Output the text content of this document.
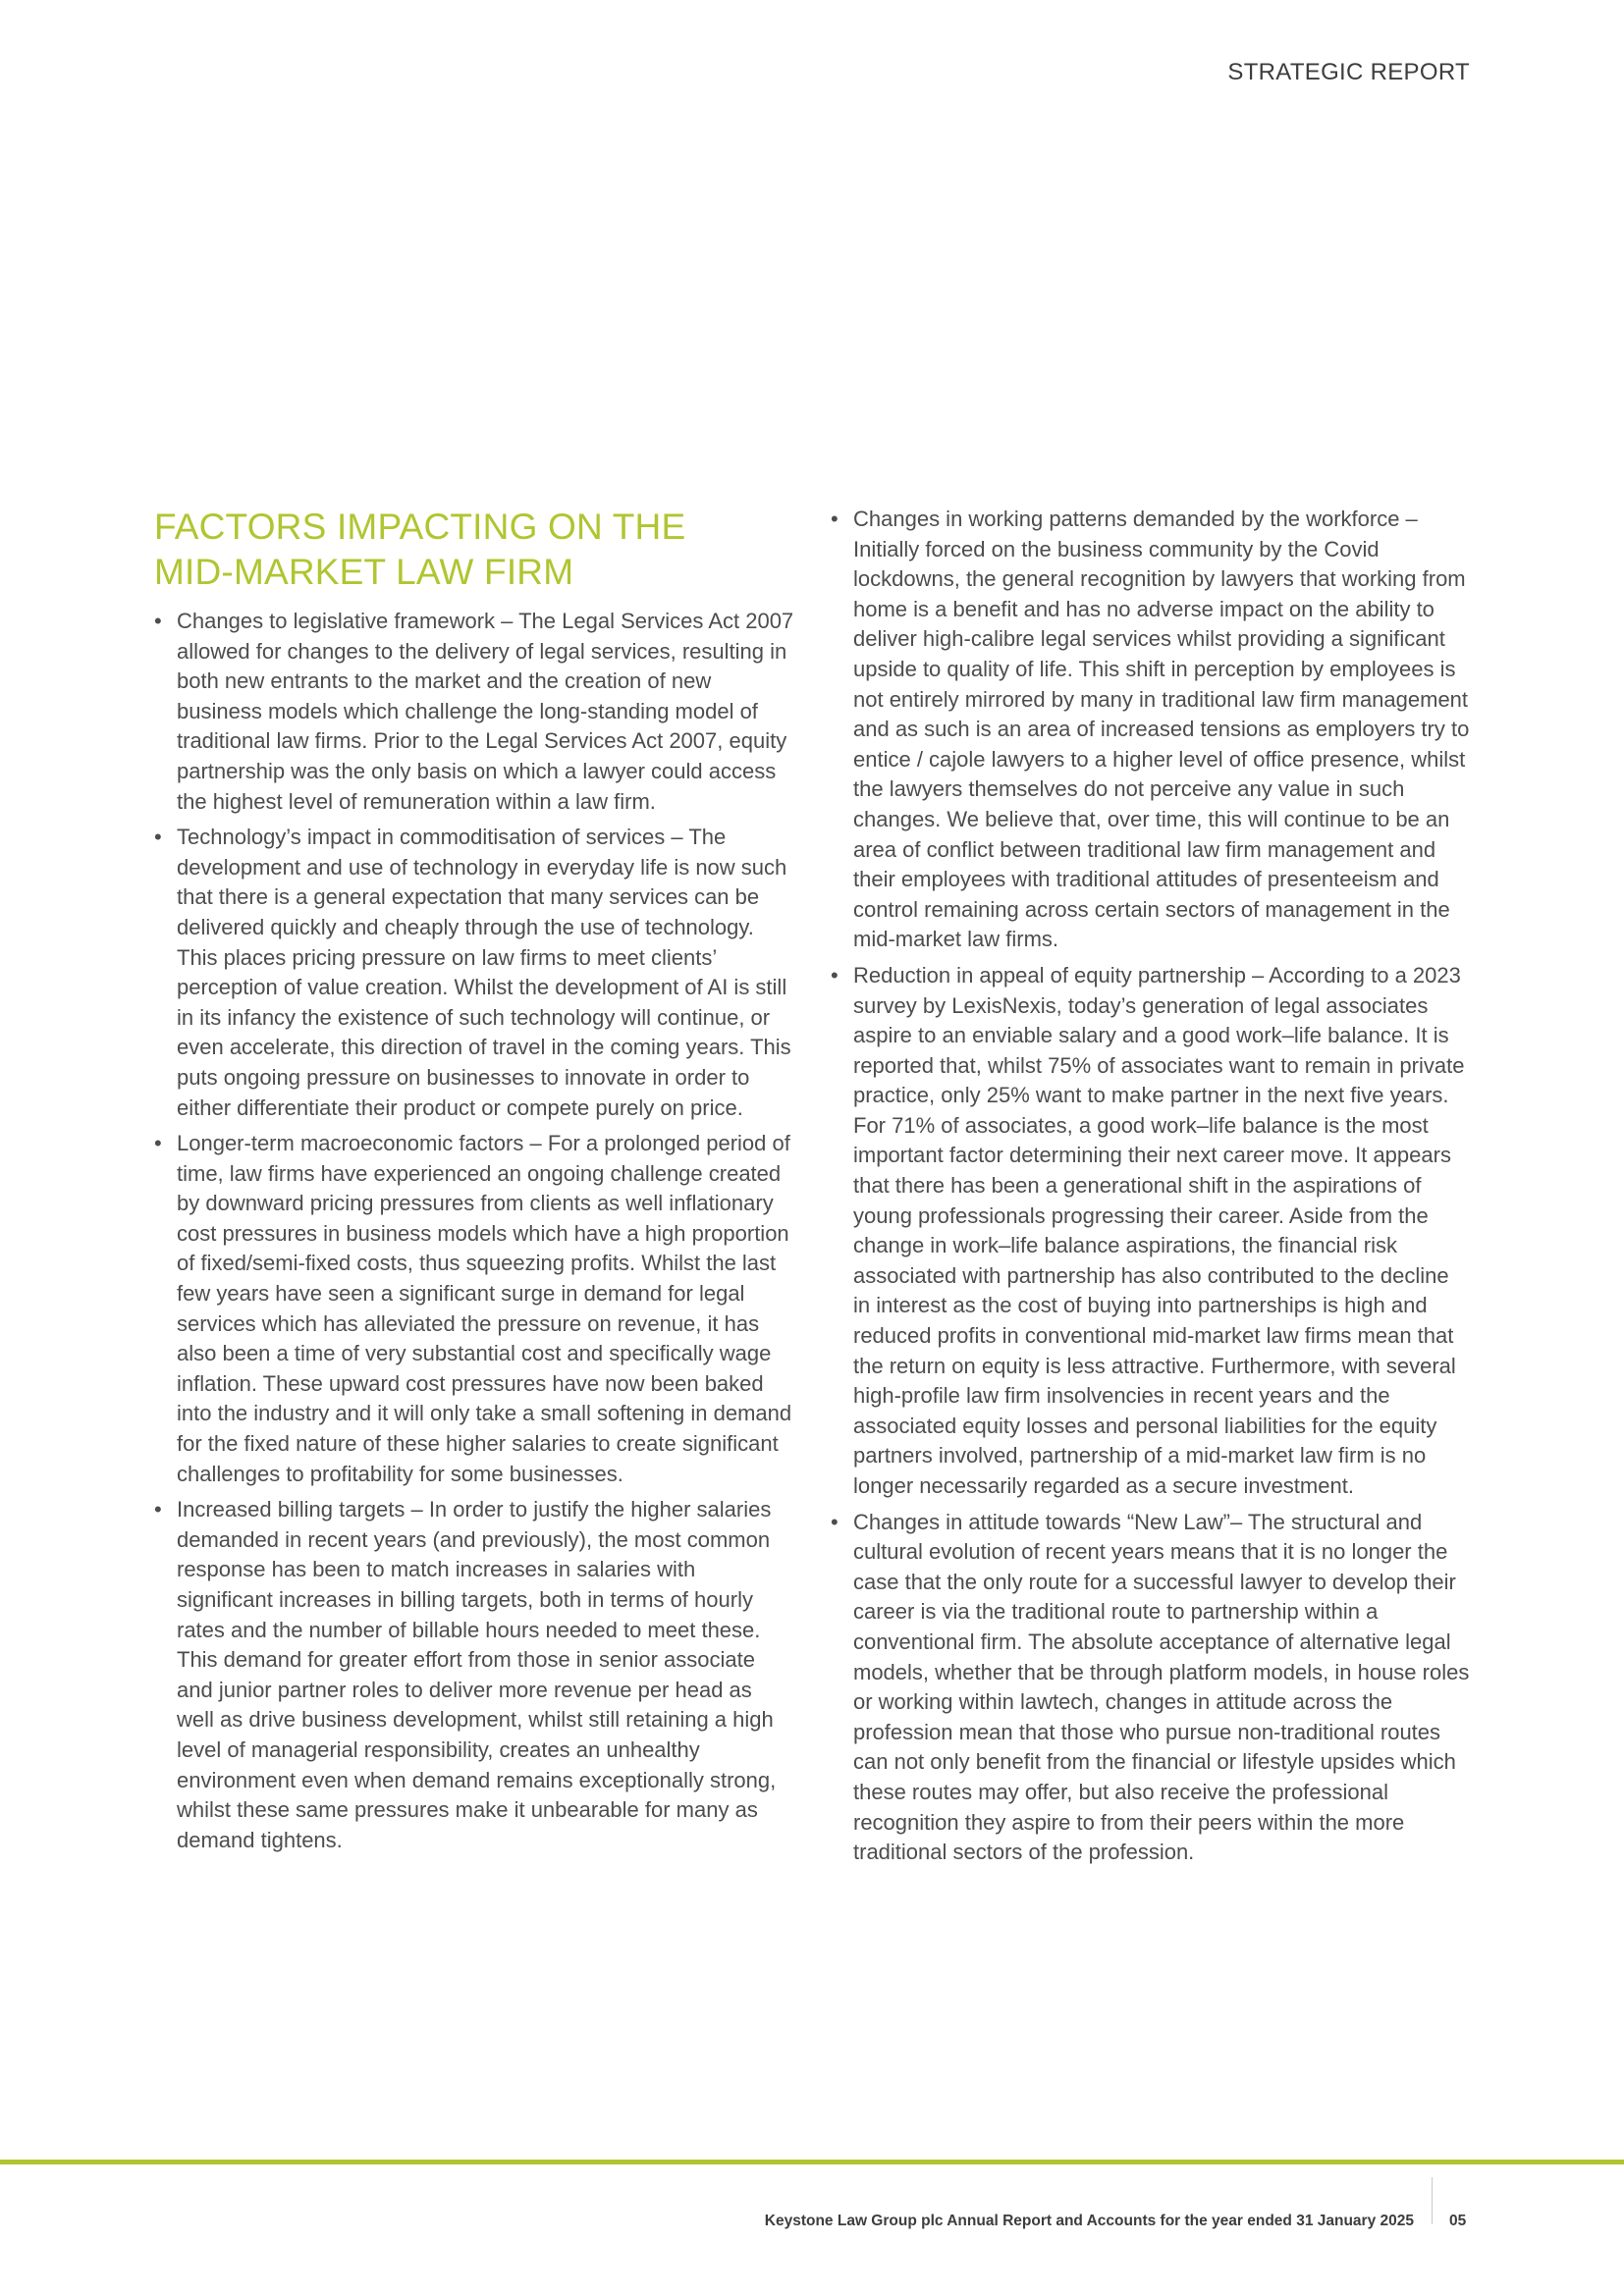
STRATEGIC REPORT
FACTORS IMPACTING ON THE
MID-MARKET LAW FIRM
• Changes to legislative framework – The Legal Services Act 2007 allowed for changes to the delivery of legal services, resulting in both new entrants to the market and the creation of new business models which challenge the long-standing model of traditional law firms. Prior to the Legal Services Act 2007, equity partnership was the only basis on which a lawyer could access the highest level of remuneration within a law firm.
• Technology’s impact in commoditisation of services – The development and use of technology in everyday life is now such that there is a general expectation that many services can be delivered quickly and cheaply through the use of technology. This places pricing pressure on law firms to meet clients’ perception of value creation. Whilst the development of AI is still in its infancy the existence of such technology will continue, or even accelerate, this direction of travel in the coming years. This puts ongoing pressure on businesses to innovate in order to either differentiate their product or compete purely on price.
• Longer-term macroeconomic factors – For a prolonged period of time, law firms have experienced an ongoing challenge created by downward pricing pressures from clients as well inflationary cost pressures in business models which have a high proportion of fixed/semi-fixed costs, thus squeezing profits. Whilst the last few years have seen a significant surge in demand for legal services which has alleviated the pressure on revenue, it has also been a time of very substantial cost and specifically wage inflation. These upward cost pressures have now been baked into the industry and it will only take a small softening in demand for the fixed nature of these higher salaries to create significant challenges to profitability for some businesses.
• Increased billing targets – In order to justify the higher salaries demanded in recent years (and previously), the most common response has been to match increases in salaries with significant increases in billing targets, both in terms of hourly rates and the number of billable hours needed to meet these. This demand for greater effort from those in senior associate and junior partner roles to deliver more revenue per head as well as drive business development, whilst still retaining a high level of managerial responsibility, creates an unhealthy environment even when demand remains exceptionally strong, whilst these same pressures make it unbearable for many as demand tightens.
• Changes in working patterns demanded by the workforce – Initially forced on the business community by the Covid lockdowns, the general recognition by lawyers that working from home is a benefit and has no adverse impact on the ability to deliver high-calibre legal services whilst providing a significant upside to quality of life. This shift in perception by employees is not entirely mirrored by many in traditional law firm management and as such is an area of increased tensions as employers try to entice / cajole lawyers to a higher level of office presence, whilst the lawyers themselves do not perceive any value in such changes. We believe that, over time, this will continue to be an area of conflict between traditional law firm management and their employees with traditional attitudes of presenteeism and control remaining across certain sectors of management in the mid-market law firms.
• Reduction in appeal of equity partnership – According to a 2023 survey by LexisNexis, today’s generation of legal associates aspire to an enviable salary and a good work–life balance. It is reported that, whilst 75% of associates want to remain in private practice, only 25% want to make partner in the next five years. For 71% of associates, a good work–life balance is the most important factor determining their next career move. It appears that there has been a generational shift in the aspirations of young professionals progressing their career. Aside from the change in work–life balance aspirations, the financial risk associated with partnership has also contributed to the decline in interest as the cost of buying into partnerships is high and reduced profits in conventional mid-market law firms mean that the return on equity is less attractive. Furthermore, with several high-profile law firm insolvencies in recent years and the associated equity losses and personal liabilities for the equity partners involved, partnership of a mid-market law firm is no longer necessarily regarded as a secure investment.
• Changes in attitude towards “New Law”– The structural and cultural evolution of recent years means that it is no longer the case that the only route for a successful lawyer to develop their career is via the traditional route to partnership within a conventional firm. The absolute acceptance of alternative legal models, whether that be through platform models, in house roles or working within lawtech, changes in attitude across the profession mean that those who pursue non-traditional routes can not only benefit from the financial or lifestyle upsides which these routes may offer, but also receive the professional recognition they aspire to from their peers within the more traditional sectors of the profession.
Keystone Law Group plc Annual Report and Accounts for the year ended 31 January 2025 05
